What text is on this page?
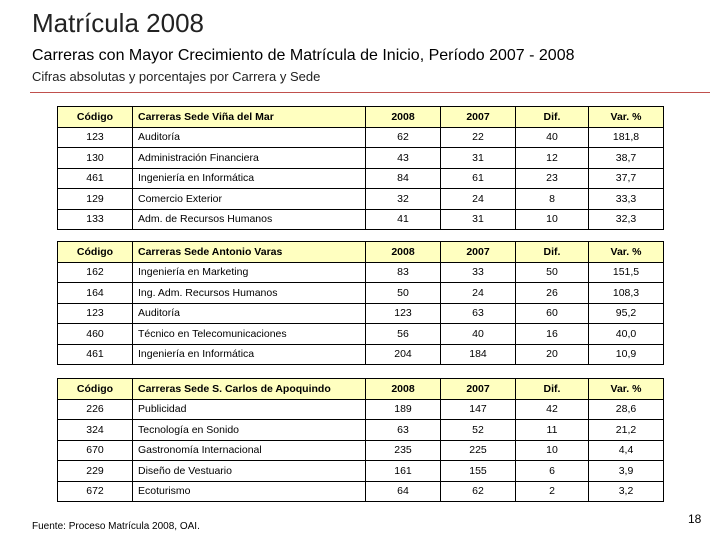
Matrícula 2008
Carreras con Mayor Crecimiento de Matrícula de Inicio, Período 2007 - 2008
Cifras absolutas y porcentajes por Carrera y Sede
Código	Carreras Sede Viña del Mar	2008	2007	Dif.	Var. %
123	Auditoría	62	22	40	181,8
130	Administración Financiera	43	31	12	38,7
461	Ingeniería en Informática	84	61	23	37,7
129	Comercio Exterior	32	24	8	33,3
133	Adm. de Recursos Humanos	41	31	10	32,3
Código	Carreras Sede Antonio Varas	2008	2007	Dif.	Var. %
162	Ingeniería en Marketing	83	33	50	151,5
164	Ing. Adm. Recursos Humanos	50	24	26	108,3
123	Auditoría	123	63	60	95,2
460	Técnico en Telecomunicaciones	56	40	16	40,0
461	Ingeniería en Informática	204	184	20	10,9
Código	Carreras Sede S. Carlos de Apoquindo	2008	2007	Dif.	Var. %
226	Publicidad	189	147	42	28,6
324	Tecnología en Sonido	63	52	11	21,2
670	Gastronomía Internacional	235	225	10	4,4
229	Diseño de Vestuario	161	155	6	3,9
672	Ecoturismo	64	62	2	3,2
Fuente: Proceso Matrícula 2008, OAI.
18
